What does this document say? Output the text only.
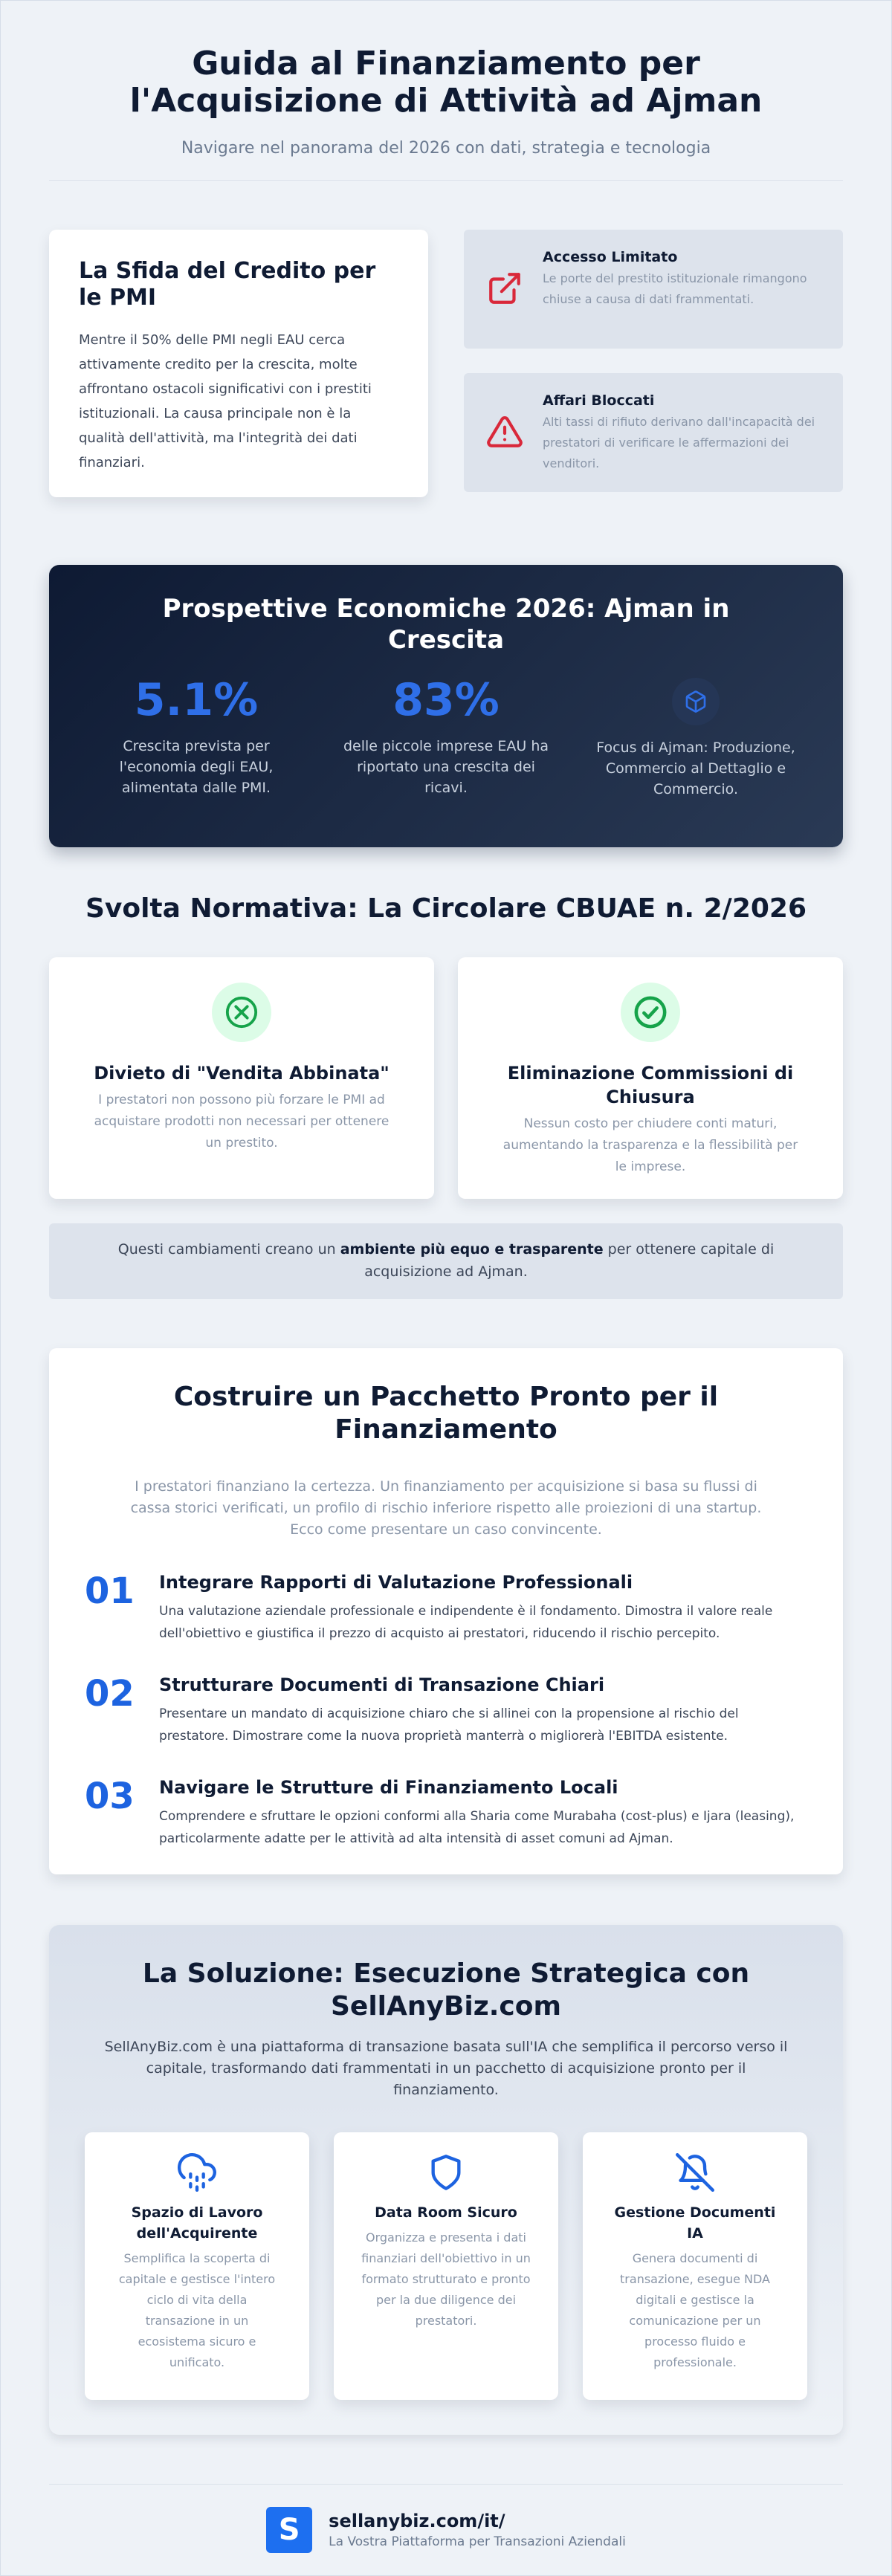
Guida al Finanziamento per l'Acquisizione di Attività ad Ajman
Navigare nel panorama del 2026 con dati, strategia e tecnologia
La Sfida del Credito per le PMI

Mentre il 50% delle PMI negli EAU cerca attivamente credito per la crescita, molte affrontano ostacoli significativi con i prestiti istituzionali. La causa principale non è la qualità dell'attività, ma l'integrità dei dati finanziari.

Accesso Limitato

Le porte del prestito istituzionale rimangono chiuse a causa di dati frammentati.

Affari Bloccati

Alti tassi di rifiuto derivano dall'incapacità dei prestatori di verificare le affermazioni dei venditori.

Prospettive Economiche 2026: Ajman in Crescita
5.1%
Crescita prevista per l'economia degli EAU, alimentata dalle PMI.
83%
delle piccole imprese EAU ha riportato una crescita dei ricavi.
Focus di Ajman: Produzione, Commercio al Dettaglio e Commercio.
Svolta Normativa: La Circolare CBUAE n. 2/2026
Divieto di "Vendita Abbinata"

I prestatori non possono più forzare le PMI ad acquistare prodotti non necessari per ottenere un prestito.

Eliminazione Commissioni di Chiusura

Nessun costo per chiudere conti maturi, aumentando la trasparenza e la flessibilità per le imprese.

Questi cambiamenti creano un ambiente più equo e trasparente per ottenere capitale di acquisizione ad Ajman.
Costruire un Pacchetto Pronto per il Finanziamento

I prestatori finanziano la certezza. Un finanziamento per acquisizione si basa su flussi di cassa storici verificati, un profilo di rischio inferiore rispetto alle proiezioni di una startup. Ecco come presentare un caso convincente.

01	Integrare Rapporti di Valutazione Professionali

Una valutazione aziendale professionale e indipendente è il fondamento. Dimostra il valore reale dell'obiettivo e giustifica il prezzo di acquisto ai prestatori, riducendo il rischio percepito.

02	Strutturare Documenti di Transazione Chiari

Presentare un mandato di acquisizione chiaro che si allinei con la propensione al rischio del prestatore. Dimostrare come la nuova proprietà manterrà o migliorerà l'EBITDA esistente.

03	Navigare le Strutture di Finanziamento Locali

Comprendere e sfruttare le opzioni conformi alla Sharia come Murabaha (cost-plus) e Ijara (leasing), particolarmente adatte per le attività ad alta intensità di asset comuni ad Ajman.

La Soluzione: Esecuzione Strategica con SellAnyBiz.com

SellAnyBiz.com è una piattaforma di transazione basata sull'IA che semplifica il percorso verso il capitale, trasformando dati frammentati in un pacchetto di acquisizione pronto per il finanziamento.

Spazio di Lavoro dell'Acquirente

Semplifica la scoperta di capitale e gestisce l'intero ciclo di vita della transazione in un ecosistema sicuro e unificato.

Data Room Sicuro

Organizza e presenta i dati finanziari dell'obiettivo in un formato strutturato e pronto per la due diligence dei prestatori.

Gestione Documenti IA

Genera documenti di transazione, esegue NDA digitali e gestisce la comunicazione per un processo fluido e professionale.

S	sellanybiz.com/it/
La Vostra Piattaforma per Transazioni Aziendali
